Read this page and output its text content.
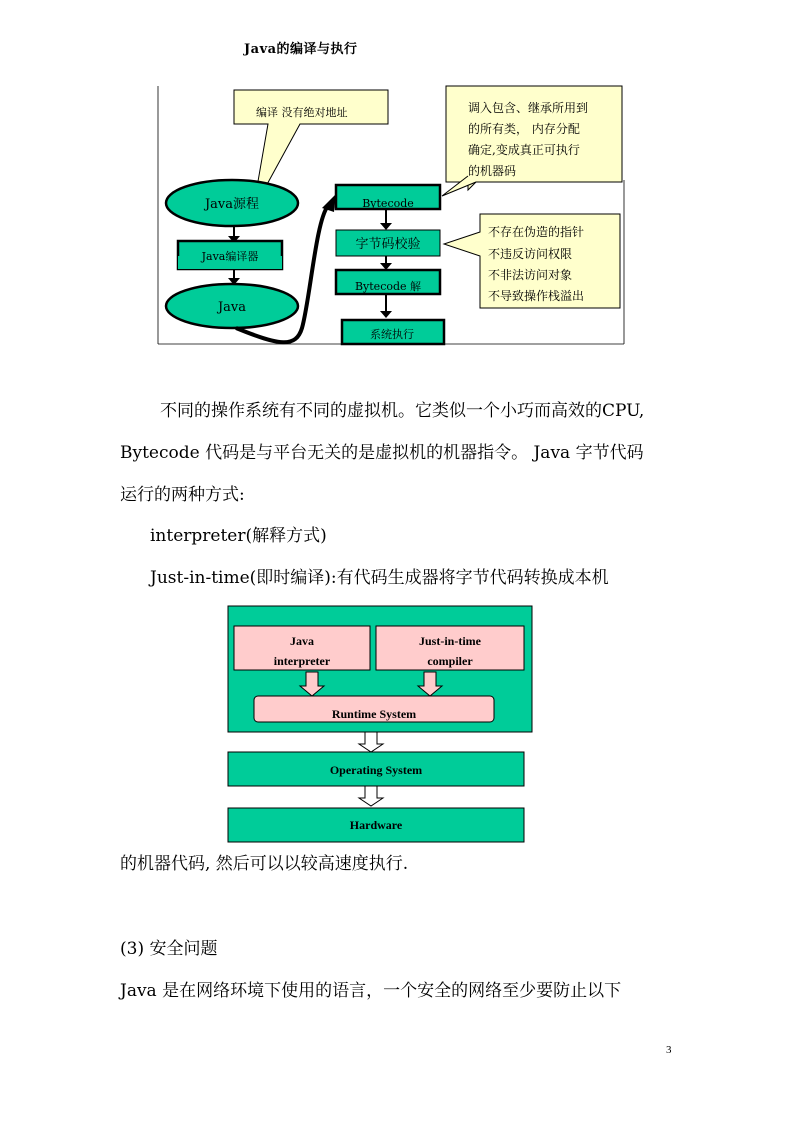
Java的编译与执行
编译 没有绝对地址	调入包含、继承所用到
的所有类， 内存分配
确定,变成真正可执行
的机器码
不存在伪造的指针
不违反访问权限
不非法访问对象
不导致操作栈溢出
Java源程
Java编译器
Java
Bytecode
字节码校验
Bytecode 解
系统执行
不同的操作系统有不同的虚拟机。它类似一个小巧而高效的CPU,
Bytecode 代码是与平台无关的是虚拟机的机器指令。 Java 字节代码
运行的两种方式:
interpreter(解释方式)
Just-in-time(即时编译):有代码生成器将字节代码转换成本机
Java
interpreter
Just-in-time
compiler
Runtime System
Operating System
Hardware
的机器代码, 然后可以以较高速度执行.
(3) 安全问题
Java 是在网络环境下使用的语言，一个安全的网络至少要防止以下
3
